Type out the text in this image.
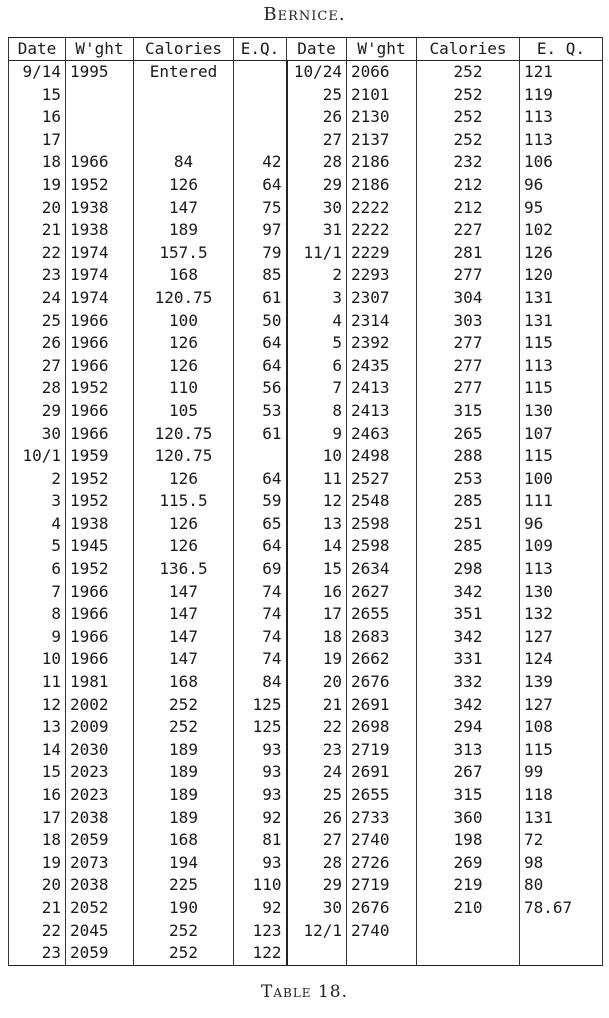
Bernice.
Date	W'ght	Calories	E.Q.	Date	W'ght	Calories	E. Q.
9/14	1995	Entered		10/24	2066	252	121
15				25	2101	252	119
16				26	2130	252	113
17				27	2137	252	113
18	1966	84	42	28	2186	232	106
19	1952	126	64	29	2186	212	96
20	1938	147	75	30	2222	212	95
21	1938	189	97	31	2222	227	102
22	1974	157.5	79	11/1	2229	281	126
23	1974	168	85	2	2293	277	120
24	1974	120.75	61	3	2307	304	131
25	1966	100	50	4	2314	303	131
26	1966	126	64	5	2392	277	115
27	1966	126	64	6	2435	277	113
28	1952	110	56	7	2413	277	115
29	1966	105	53	8	2413	315	130
30	1966	120.75	61	9	2463	265	107
10/1	1959	120.75		10	2498	288	115
2	1952	126	64	11	2527	253	100
3	1952	115.5	59	12	2548	285	111
4	1938	126	65	13	2598	251	96
5	1945	126	64	14	2598	285	109
6	1952	136.5	69	15	2634	298	113
7	1966	147	74	16	2627	342	130
8	1966	147	74	17	2655	351	132
9	1966	147	74	18	2683	342	127
10	1966	147	74	19	2662	331	124
11	1981	168	84	20	2676	332	139
12	2002	252	125	21	2691	342	127
13	2009	252	125	22	2698	294	108
14	2030	189	93	23	2719	313	115
15	2023	189	93	24	2691	267	99
16	2023	189	93	25	2655	315	118
17	2038	189	92	26	2733	360	131
18	2059	168	81	27	2740	198	72
19	2073	194	93	28	2726	269	98
20	2038	225	110	29	2719	219	80
21	2052	190	92	30	2676	210	78.67
22	2045	252	123	12/1	2740		
23	2059	252	122				
Table 18.
